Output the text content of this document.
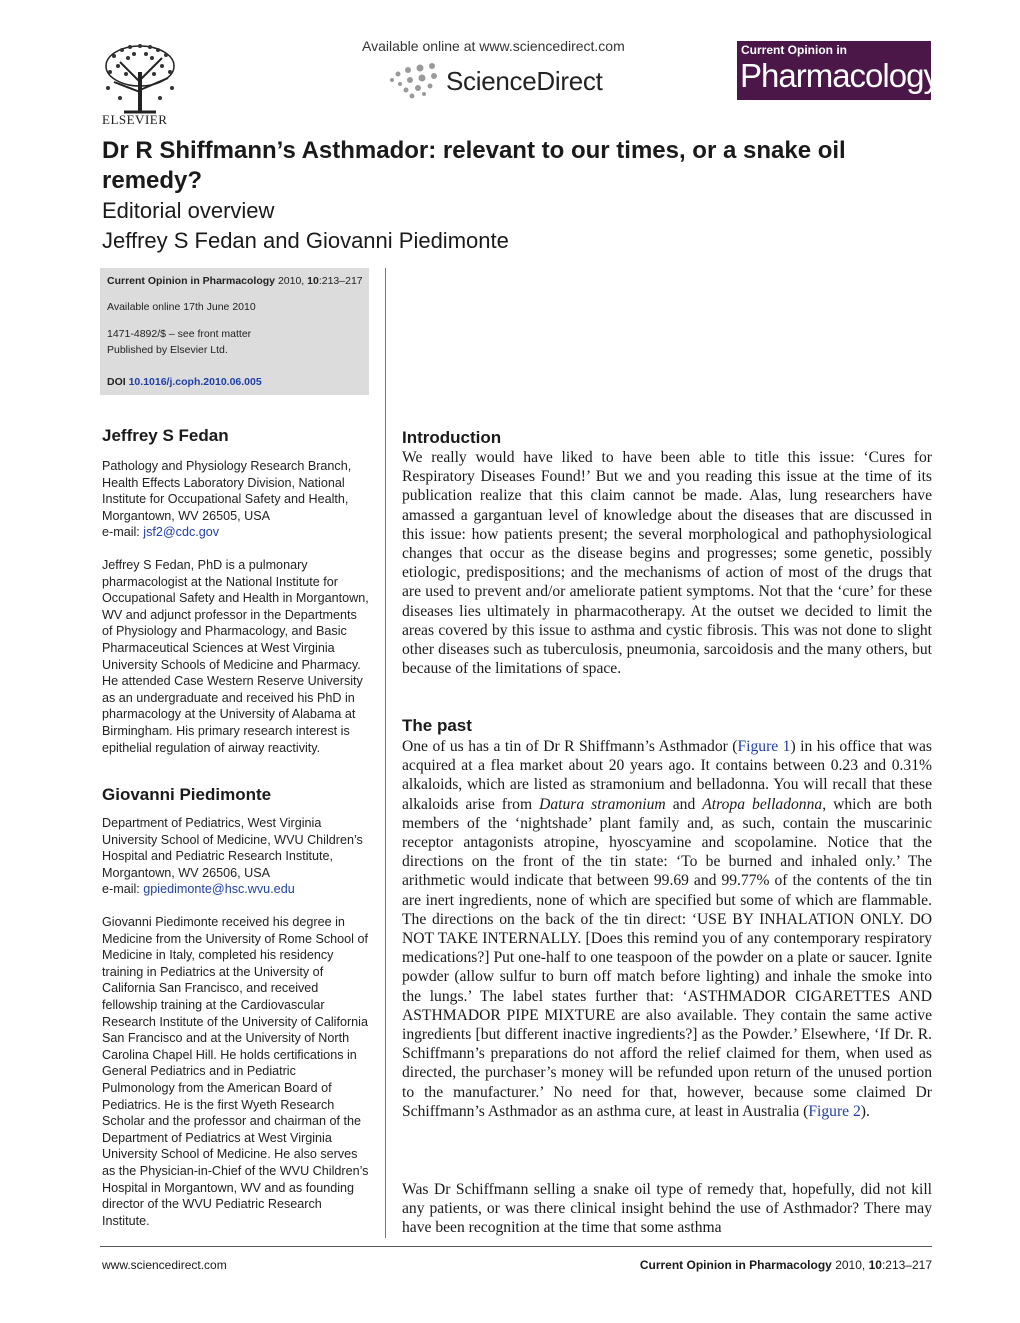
ELSEVIER
Available online at www.sciencedirect.com
ScienceDirect
Current Opinion in
Pharmacology
Dr R Shiffmann’s Asthmador: relevant to our times, or a snake oil remedy?
Editorial overview
Jeffrey S Fedan and Giovanni Piedimonte
Current Opinion in Pharmacology 2010, 10:213–217
Available online 17th June 2010
1471-4892/$ – see front matter
Published by Elsevier Ltd.
DOI 10.1016/j.coph.2010.06.005
Jeffrey S Fedan
Pathology and Physiology Research Branch, Health Effects Laboratory Division, National Institute for Occupational Safety and Health, Morgantown, WV 26505, USA
e-mail: jsf2@cdc.gov
Jeffrey S Fedan, PhD is a pulmonary pharmacologist at the National Institute for Occupational Safety and Health in Morgantown, WV and adjunct professor in the Departments of Physiology and Pharmacology, and Basic Pharmaceutical Sciences at West Virginia University Schools of Medicine and Pharmacy. He attended Case Western Reserve University as an undergraduate and received his PhD in pharmacology at the University of Alabama at Birmingham. His primary research interest is epithelial regulation of airway reactivity.
Giovanni Piedimonte
Department of Pediatrics, West Virginia University School of Medicine, WVU Children’s Hospital and Pediatric Research Institute, Morgantown, WV 26506, USA
e-mail: gpiedimonte@hsc.wvu.edu
Giovanni Piedimonte received his degree in Medicine from the University of Rome School of Medicine in Italy, completed his residency training in Pediatrics at the University of California San Francisco, and received fellowship training at the Cardiovascular Research Institute of the University of California San Francisco and at the University of North Carolina Chapel Hill. He holds certifications in General Pediatrics and in Pediatric Pulmonology from the American Board of Pediatrics. He is the first Wyeth Research Scholar and the professor and chairman of the Department of Pediatrics at West Virginia University School of Medicine. He also serves as the Physician-in-Chief of the WVU Children’s Hospital in Morgantown, WV and as founding director of the WVU Pediatric Research Institute.
Introduction
We really would have liked to have been able to title this issue: ‘Cures for Respiratory Diseases Found!’ But we and you reading this issue at the time of its publication realize that this claim cannot be made. Alas, lung researchers have amassed a gargantuan level of knowledge about the diseases that are discussed in this issue: how patients present; the several morphological and pathophysiological changes that occur as the disease begins and progresses; some genetic, possibly etiologic, predispositions; and the mechanisms of action of most of the drugs that are used to prevent and/or ameliorate patient symptoms. Not that the ‘cure’ for these diseases lies ultimately in pharmacotherapy. At the outset we decided to limit the areas covered by this issue to asthma and cystic fibrosis. This was not done to slight other diseases such as tuberculosis, pneumonia, sarcoidosis and the many others, but because of the limitations of space.
The past
One of us has a tin of Dr R Shiffmann’s Asthmador (Figure 1) in his office that was acquired at a flea market about 20 years ago. It contains between 0.23 and 0.31% alkaloids, which are listed as stramonium and belladonna. You will recall that these alkaloids arise from Datura stramonium and Atropa belladonna, which are both members of the ‘nightshade’ plant family and, as such, contain the muscarinic receptor antagonists atropine, hyoscyamine and scopolamine. Notice that the directions on the front of the tin state: ‘To be burned and inhaled only.’ The arithmetic would indicate that between 99.69 and 99.77% of the contents of the tin are inert ingredients, none of which are specified but some of which are flammable. The directions on the back of the tin direct: ‘USE BY INHALATION ONLY. DO NOT TAKE INTERNALLY. [Does this remind you of any contemporary respiratory medications?] Put one-half to one teaspoon of the powder on a plate or saucer. Ignite powder (allow sulfur to burn off match before lighting) and inhale the smoke into the lungs.’ The label states further that: ‘ASTHMADOR CIGARETTES AND ASTHMADOR PIPE MIXTURE are also available. They contain the same active ingredients [but different inactive ingredients?] as the Powder.’ Elsewhere, ‘If Dr. R. Schiffmann’s preparations do not afford the relief claimed for them, when used as directed, the purchaser’s money will be refunded upon return of the unused portion to the manufacturer.’ No need for that, however, because some claimed Dr Schiffmann’s Asthmador as an asthma cure, at least in Australia (Figure 2).
Was Dr Schiffmann selling a snake oil type of remedy that, hopefully, did not kill any patients, or was there clinical insight behind the use of Asthmador? There may have been recognition at the time that some asthma
www.sciencedirect.com	Current Opinion in Pharmacology 2010, 10:213–217
